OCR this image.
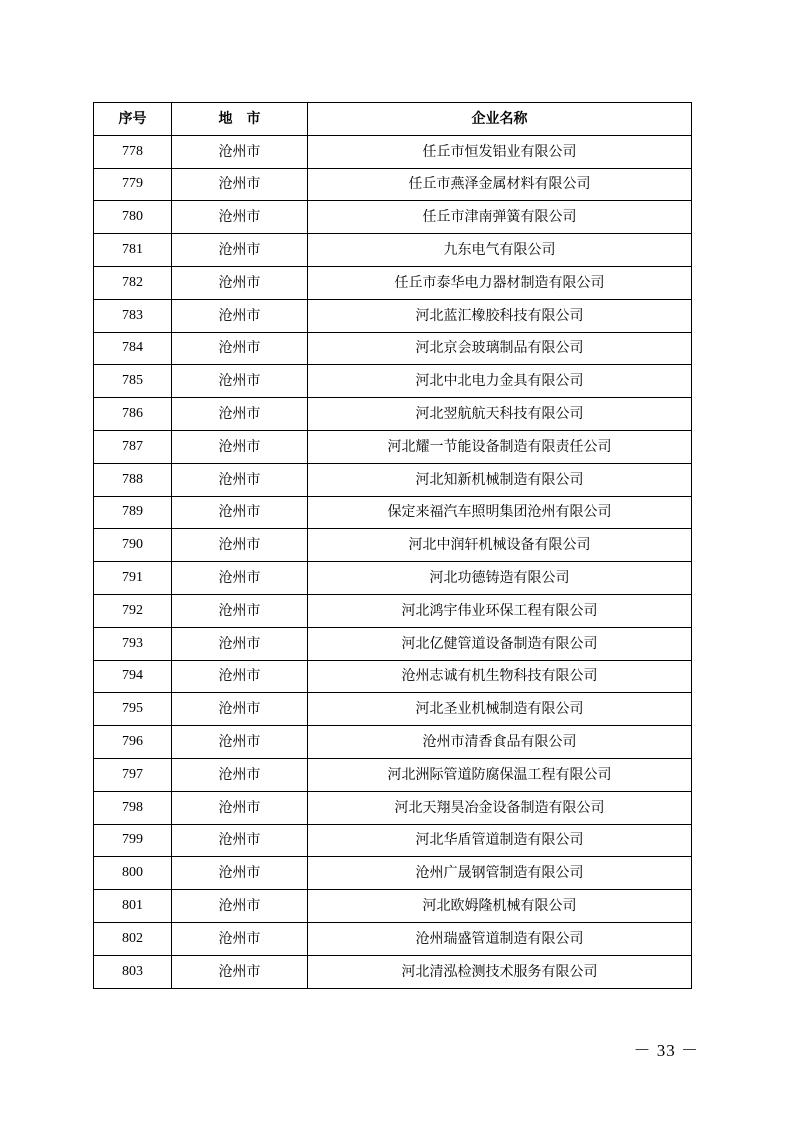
序号	地　市	企业名称
778	沧州市	任丘市恒发铝业有限公司
779	沧州市	任丘市燕泽金属材料有限公司
780	沧州市	任丘市津南弹簧有限公司
781	沧州市	九东电气有限公司
782	沧州市	任丘市泰华电力器材制造有限公司
783	沧州市	河北蓝汇橡胶科技有限公司
784	沧州市	河北京会玻璃制品有限公司
785	沧州市	河北中北电力金具有限公司
786	沧州市	河北翌航航天科技有限公司
787	沧州市	河北耀一节能设备制造有限责任公司
788	沧州市	河北知新机械制造有限公司
789	沧州市	保定来福汽车照明集团沧州有限公司
790	沧州市	河北中润轩机械设备有限公司
791	沧州市	河北功德铸造有限公司
792	沧州市	河北鸿宇伟业环保工程有限公司
793	沧州市	河北亿健管道设备制造有限公司
794	沧州市	沧州志诚有机生物科技有限公司
795	沧州市	河北圣业机械制造有限公司
796	沧州市	沧州市清香食品有限公司
797	沧州市	河北洲际管道防腐保温工程有限公司
798	沧州市	河北天翔昊冶金设备制造有限公司
799	沧州市	河北华盾管道制造有限公司
800	沧州市	沧州广晟钢管制造有限公司
801	沧州市	河北欧姆隆机械有限公司
802	沧州市	沧州瑞盛管道制造有限公司
803	沧州市	河北清泓检测技术服务有限公司
－ 33 －
